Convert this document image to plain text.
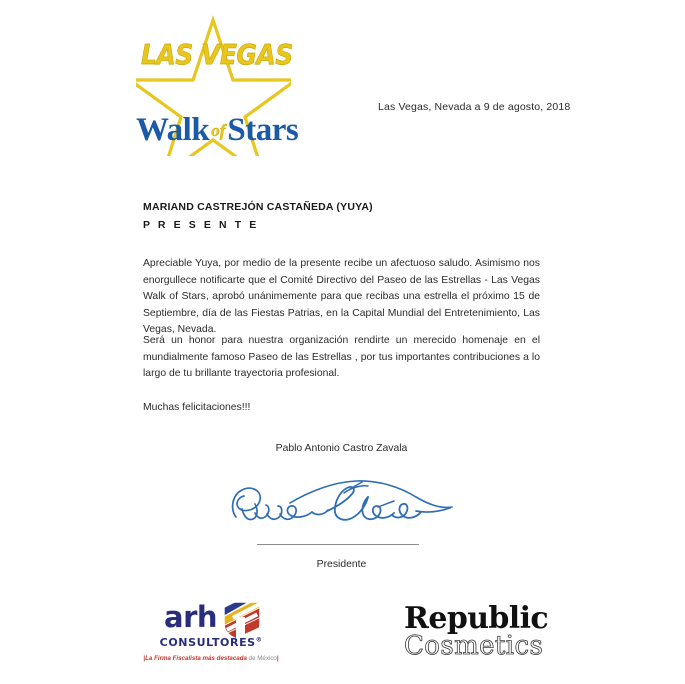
LAS VEGAS
Walk ofStars
Las Vegas, Nevada a 9 de agosto, 2018
MARIAND CASTREJÓN CASTAÑEDA (YUYA)
P R E S E N T E
Apreciable Yuya, por medio de la presente recibe un afectuoso saludo. Asimismo nos enorgullece notificarte que el Comité Directivo del Paseo de las Estrellas - Las Vegas Walk of Stars, aprobó unánimemente para que recibas una estrella el próximo 15 de Septiembre, día de las Fiestas Patrias, en la Capital Mundial del Entretenimiento, Las Vegas, Nevada.
Será un honor para nuestra organización rendirte un merecido homenaje en el mundialmente famoso Paseo de las Estrellas , por tus importantes contribuciones a lo largo de tu brillante trayectoria profesional.
Muchas felicitaciones!!!
Pablo Antonio Castro Zavala
Presidente
arh
CONSULTORES®
|La Firma Fiscalista más destacada de México|
Republic
Cosmetics
